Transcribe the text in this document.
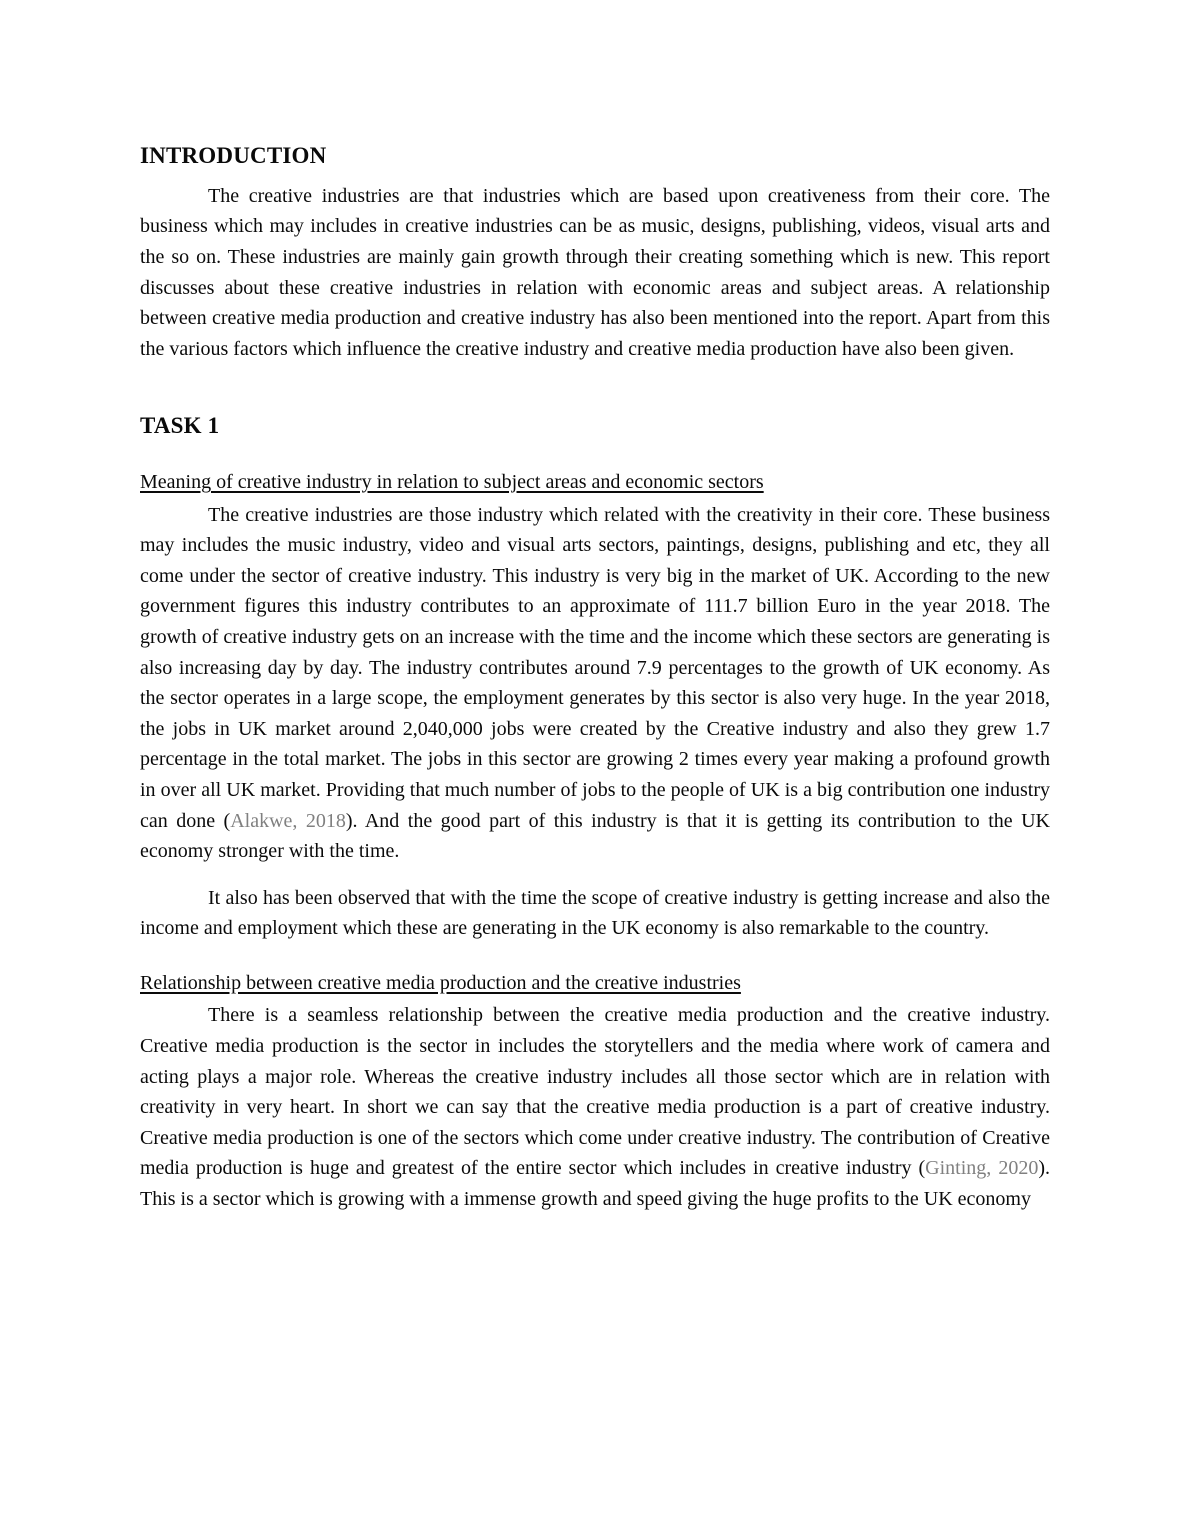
INTRODUCTION

The creative industries are that industries which are based upon creativeness from their core. The business which may includes in creative industries can be as music, designs, publishing, videos, visual arts and the so on. These industries are mainly gain growth through their creating something which is new. This report discusses about these creative industries in relation with economic areas and subject areas. A relationship between creative media production and creative industry has also been mentioned into the report. Apart from this the various factors which influence the creative industry and creative media production have also been given.

TASK 1

Meaning of creative industry in relation to subject areas and economic sectors

The creative industries are those industry which related with the creativity in their core. These business may includes the music industry, video and visual arts sectors, paintings, designs, publishing and etc, they all come under the sector of creative industry. This industry is very big in the market of UK. According to the new government figures this industry contributes to an approximate of 111.7 billion Euro in the year 2018. The growth of creative industry gets on an increase with the time and the income which these sectors are generating is also increasing day by day. The industry contributes around 7.9 percentages to the growth of UK economy. As the sector operates in a large scope, the employment generates by this sector is also very huge. In the year 2018, the jobs in UK market around 2,040,000 jobs were created by the Creative industry and also they grew 1.7 percentage in the total market. The jobs in this sector are growing 2 times every year making a profound growth in over all UK market. Providing that much number of jobs to the people of UK is a big contribution one industry can done (Alakwe, 2018). And the good part of this industry is that it is getting its contribution to the UK economy stronger with the time.

It also has been observed that with the time the scope of creative industry is getting increase and also the income and employment which these are generating in the UK economy is also remarkable to the country.

Relationship between creative media production and the creative industries

There is a seamless relationship between the creative media production and the creative industry. Creative media production is the sector in includes the storytellers and the media where work of camera and acting plays a major role. Whereas the creative industry includes all those sector which are in relation with creativity in very heart. In short we can say that the creative media production is a part of creative industry. Creative media production is one of the sectors which come under creative industry. The contribution of Creative media production is huge and greatest of the entire sector which includes in creative industry (Ginting, 2020). This is a sector which is growing with a immense growth and speed giving the huge profits to the UK economy
